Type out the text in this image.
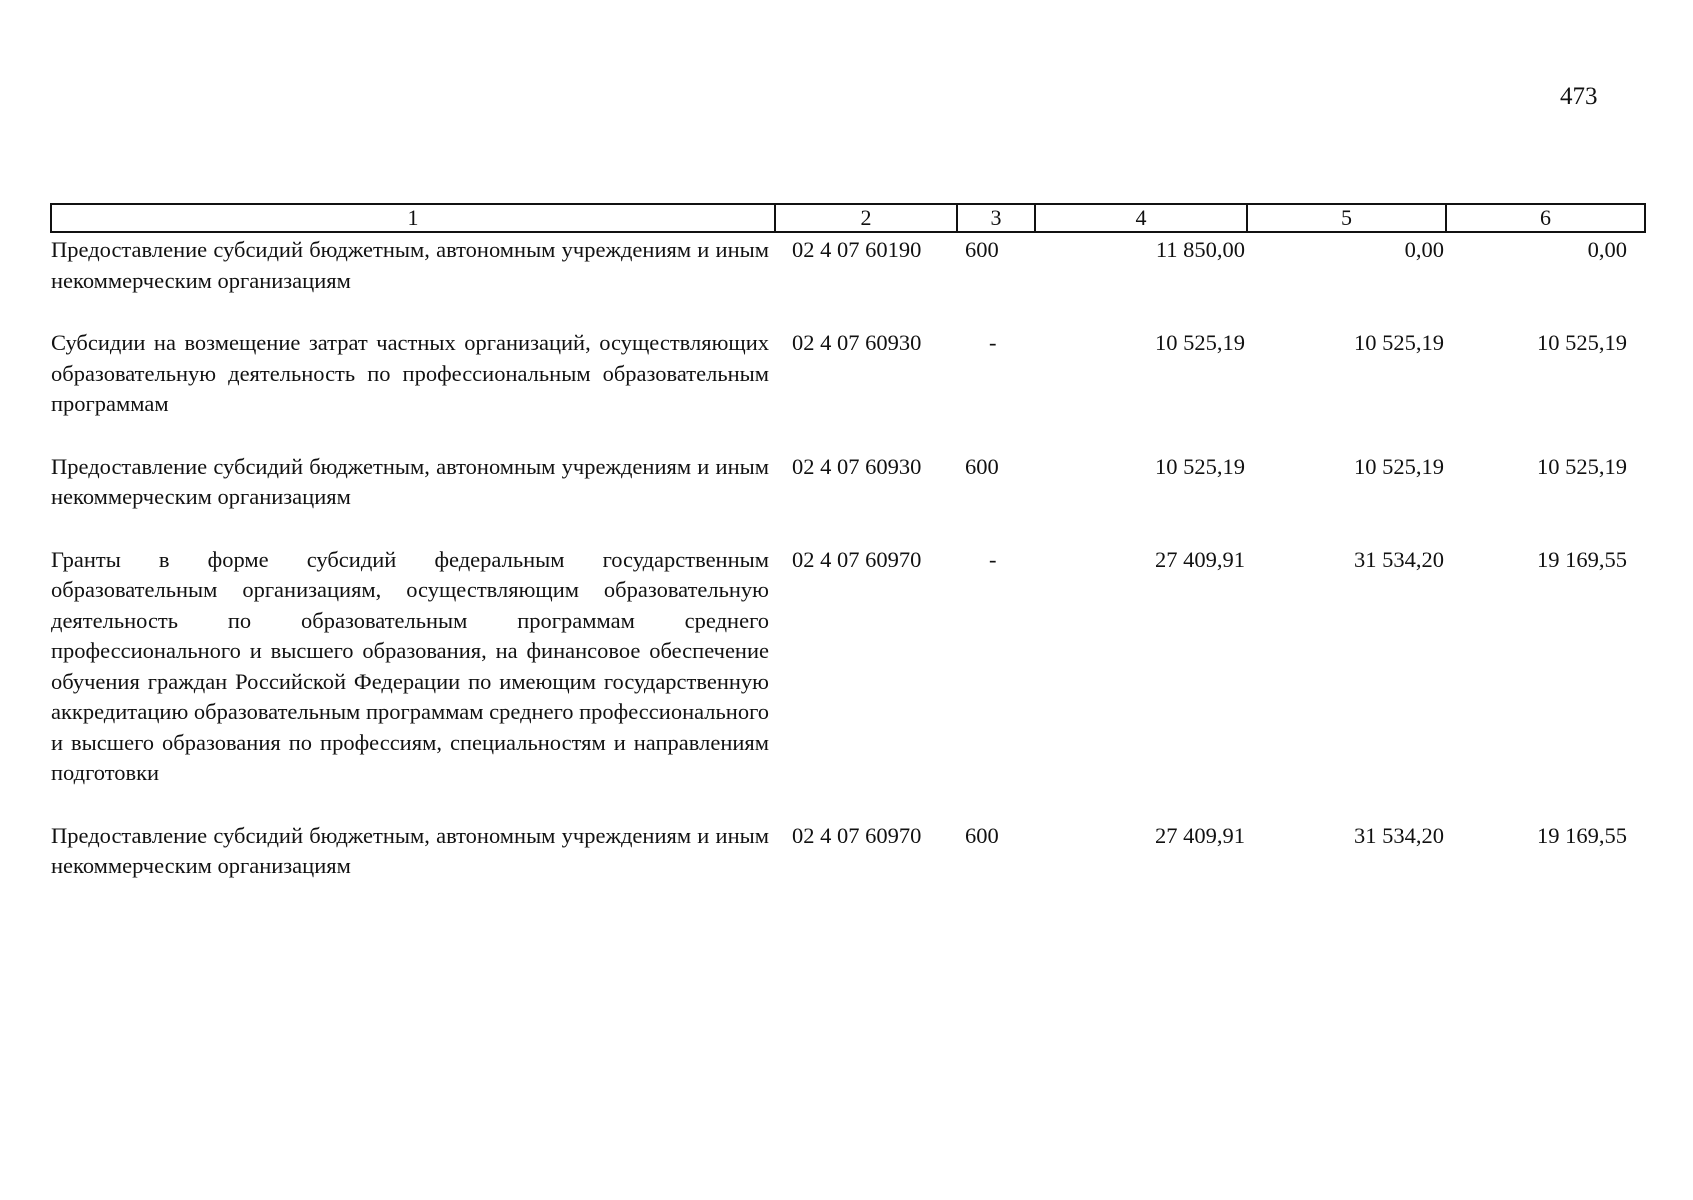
473
1	2	3	4	5	6
Предоставление субсидий бюджетным, автономным учреждениям и иным некоммерческим организациям	02 4 07 60190	600	11 850,00	0,00	0,00
Субсидии на возмещение затрат частных организаций, осуществляющих образовательную деятельность по профессиональным образовательным программам	02 4 07 60930	-	10 525,19	10 525,19	10 525,19
Предоставление субсидий бюджетным, автономным учреждениям и иным некоммерческим организациям	02 4 07 60930	600	10 525,19	10 525,19	10 525,19
Гранты в форме субсидий федеральным государственным образовательным организациям, осуществляющим образовательную деятельность по образовательным программам среднего профессионального и высшего образования, на финансовое обеспечение обучения граждан Российской Федерации по имеющим государственную аккредитацию образовательным программам среднего профессионального и высшего образования по профессиям, специальностям и направлениям подготовки	02 4 07 60970	-	27 409,91	31 534,20	19 169,55
Предоставление субсидий бюджетным, автономным учреждениям и иным некоммерческим организациям	02 4 07 60970	600	27 409,91	31 534,20	19 169,55
